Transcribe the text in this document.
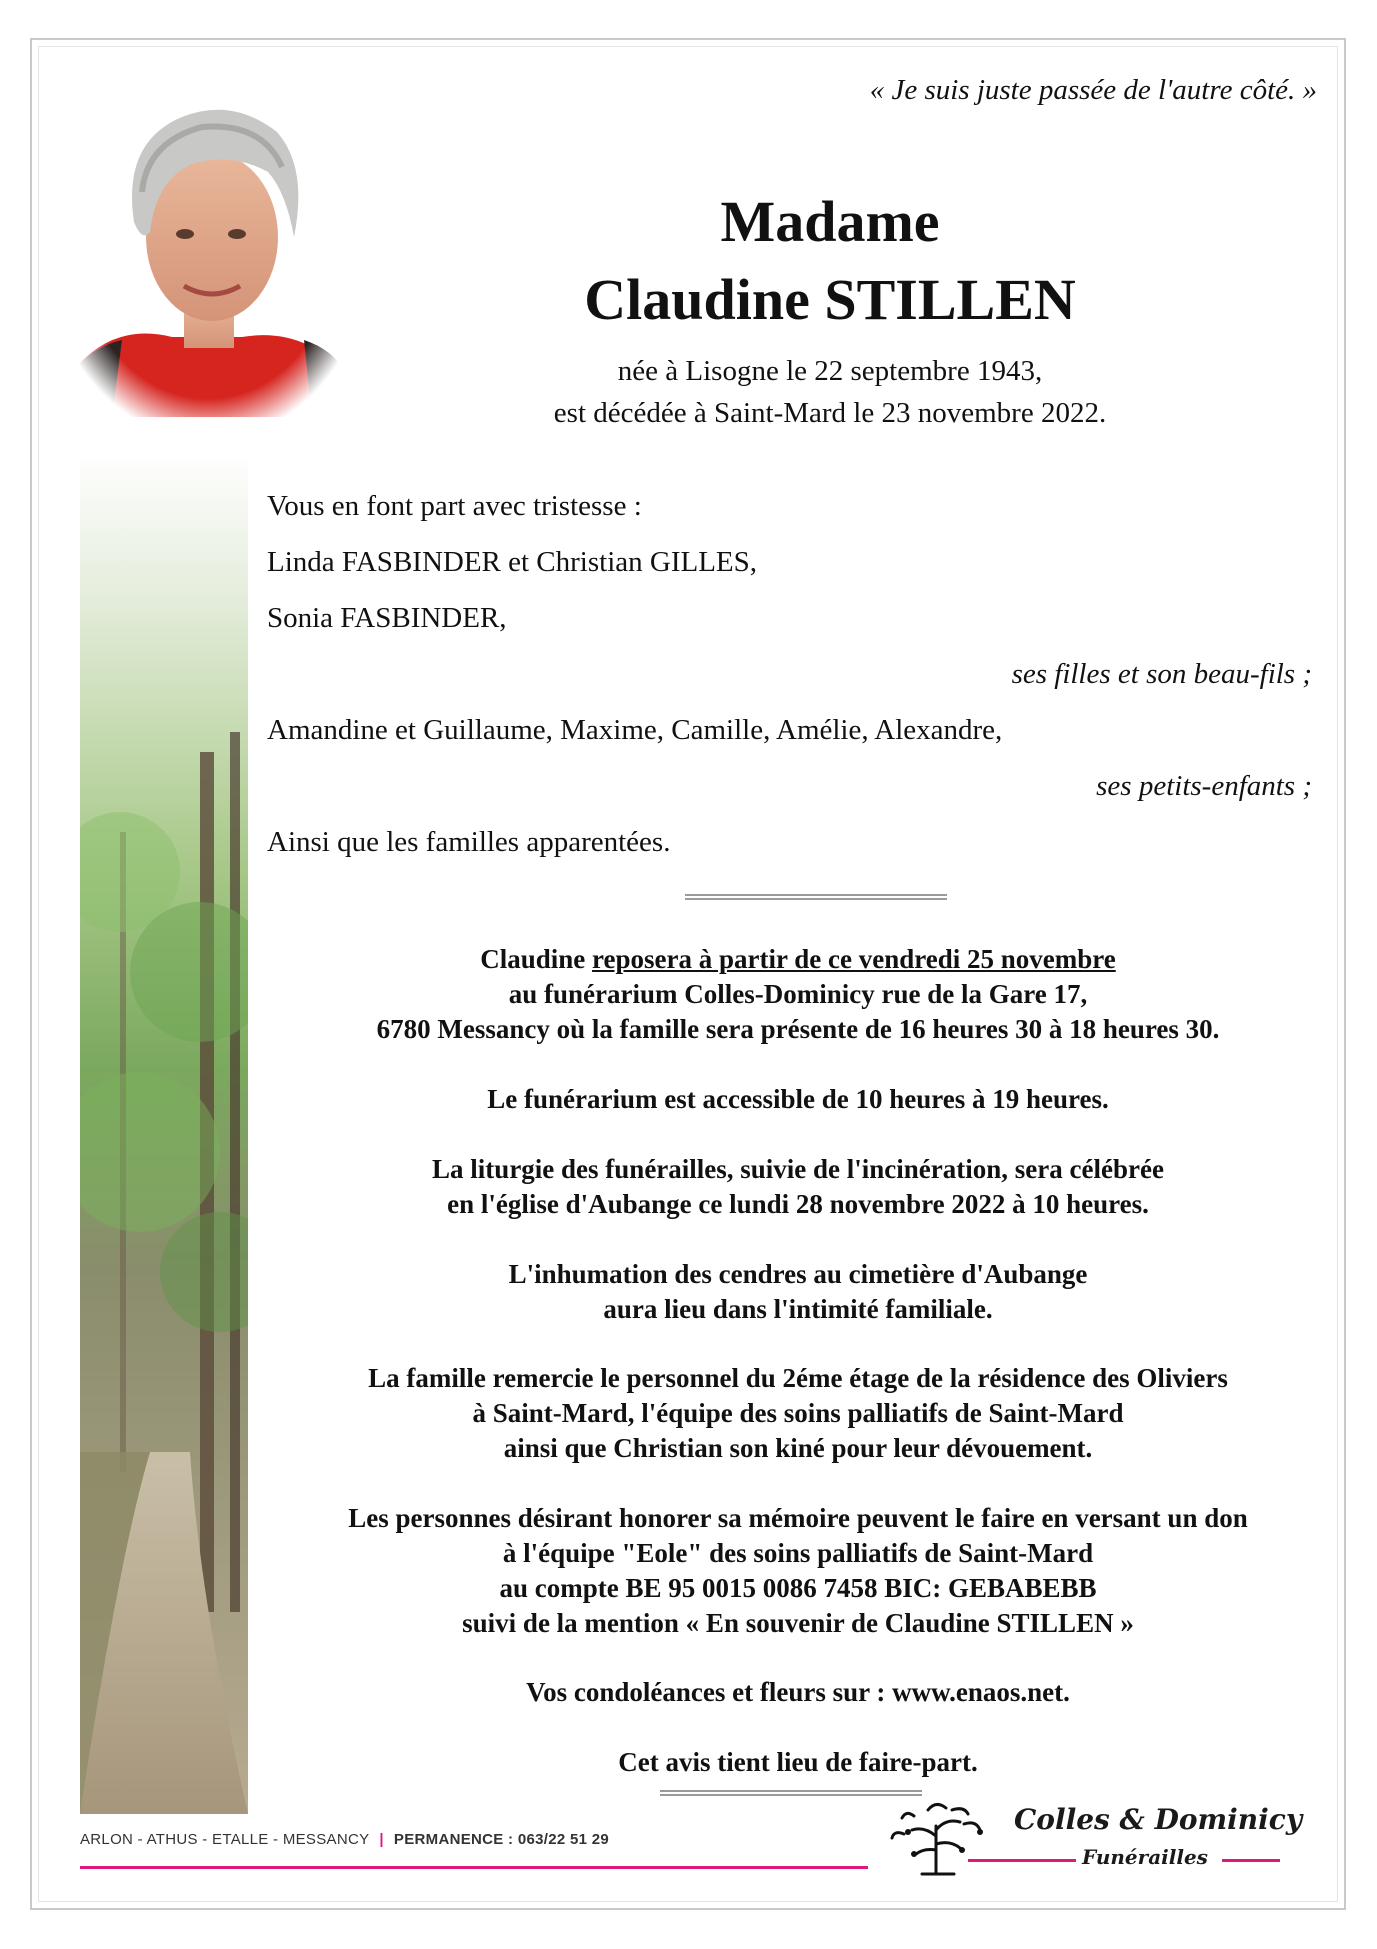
« Je suis juste passée de l'autre côté. »
Madame
Claudine STILLEN
née à Lisogne le 22 septembre 1943,
est décédée à Saint-Mard le 23 novembre 2022.
Vous en font part avec tristesse :
Linda FASBINDER et Christian GILLES,
Sonia FASBINDER,
ses filles et son beau-fils ;
Amandine et Guillaume, Maxime, Camille, Amélie, Alexandre,
ses petits-enfants ;
Ainsi que les familles apparentées.
Claudine reposera à partir de ce vendredi 25 novembre
au funérarium Colles-Dominicy rue de la Gare 17,
6780 Messancy où la famille sera présente de 16 heures 30 à 18 heures 30.
Le funérarium est accessible de 10 heures à 19 heures.
La liturgie des funérailles, suivie de l'incinération, sera célébrée
en l'église d'Aubange ce lundi 28 novembre 2022 à 10 heures.
L'inhumation des cendres au cimetière d'Aubange
aura lieu dans l'intimité familiale.
La famille remercie le personnel du 2éme étage de la résidence des Oliviers
à Saint-Mard, l'équipe des soins palliatifs de Saint-Mard
ainsi que Christian son kiné pour leur dévouement.
Les personnes désirant honorer sa mémoire peuvent le faire en versant un don
à l'équipe "Eole" des soins palliatifs de Saint-Mard
au compte BE 95 0015 0086 7458 BIC: GEBABEBB
suivi de la mention « En souvenir de Claudine STILLEN »
Vos condoléances et fleurs sur : www.enaos.net.
Cet avis tient lieu de faire-part.
ARLON - ATHUS - ETALLE - MESSANCY | PERMANENCE : 063/22 51 29
Colles & Dominicy
Funérailles
